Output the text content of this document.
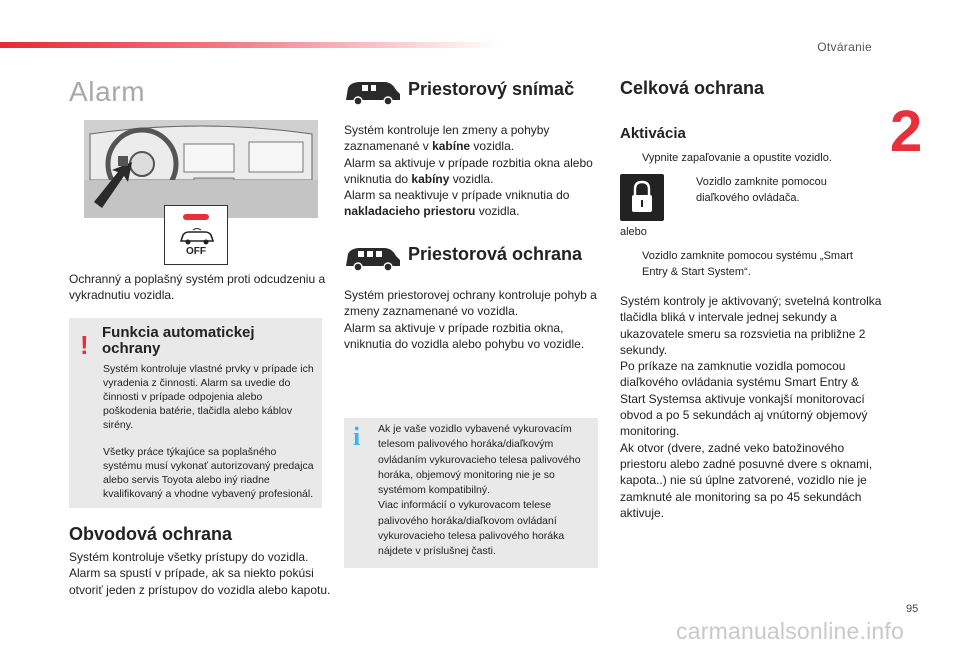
Otváranie
2
Alarm
OFF

Ochranný a poplašný systém proti odcudzeniu a vykradnutiu vozidla.

! Funkcia automatickej ochrany

Systém kontroluje vlastné prvky v prípade ich vyradenia z činnosti. Alarm sa uvedie do činnosti v prípade odpojenia alebo poškodenia batérie, tlačidla alebo káblov sirény.

Všetky práce týkajúce sa poplašného systému musí vykonať autorizovaný predajca alebo servis Toyota alebo iný riadne kvalifikovaný a vhodne vybavený profesionál.

Obvodová ochrana

Systém kontroluje všetky prístupy do vozidla. Alarm sa spustí v prípade, ak sa niekto pokúsi otvoriť jeden z prístupov do vozidla alebo kapotu.

Priestorový snímač

Systém kontroluje len zmeny a pohyby zaznamenané v kabíne vozidla.

Alarm sa aktivuje v prípade rozbitia okna alebo vniknutia do kabíny vozidla.

Alarm sa neaktivuje v prípade vniknutia do nakladacieho priestoru vozidla.

Priestorová ochrana

Systém priestorovej ochrany kontroluje pohyb a zmeny zaznamenané vo vozidla.

Alarm sa aktivuje v prípade rozbitia okna, vniknutia do vozidla alebo pohybu vo vozidle.

i Ak je vaše vozidlo vybavené vykurovacím telesom palivového horáka/diaľkovým ovládaním vykurovacieho telesa palivového horáka, objemový monitoring nie je so systémom kompatibilný.

Viac informácií o vykurovacom telese palivového horáka/diaľkovom ovládaní vykurovacieho telesa palivového horáka nájdete v príslušnej časti.

Celková ochrana
Aktivácia
Vypnite zapaľovanie a opustite vozidlo.
Vozidlo zamknite pomocou diaľkového ovládača.
alebo
Vozidlo zamknite pomocou systému „Smart Entry & Start System“.

Systém kontroly je aktivovaný; svetelná kontrolka tlačidla bliká v intervale jednej sekundy a ukazovatele smeru sa rozsvietia na približne 2 sekundy.

Po príkaze na zamknutie vozidla pomocou diaľkového ovládania systému Smart Entry & Start Systemsa aktivuje vonkajší monitorovací obvod a po 5 sekundách aj vnútorný objemový monitoring.

Ak otvor (dvere, zadné veko batožinového priestoru alebo zadné posuvné dvere s oknami, kapota..) nie sú úplne zatvorené, vozidlo nie je zamknuté ale monitoring sa po 45 sekundách aktivuje.

95
carmanualsonline.info
